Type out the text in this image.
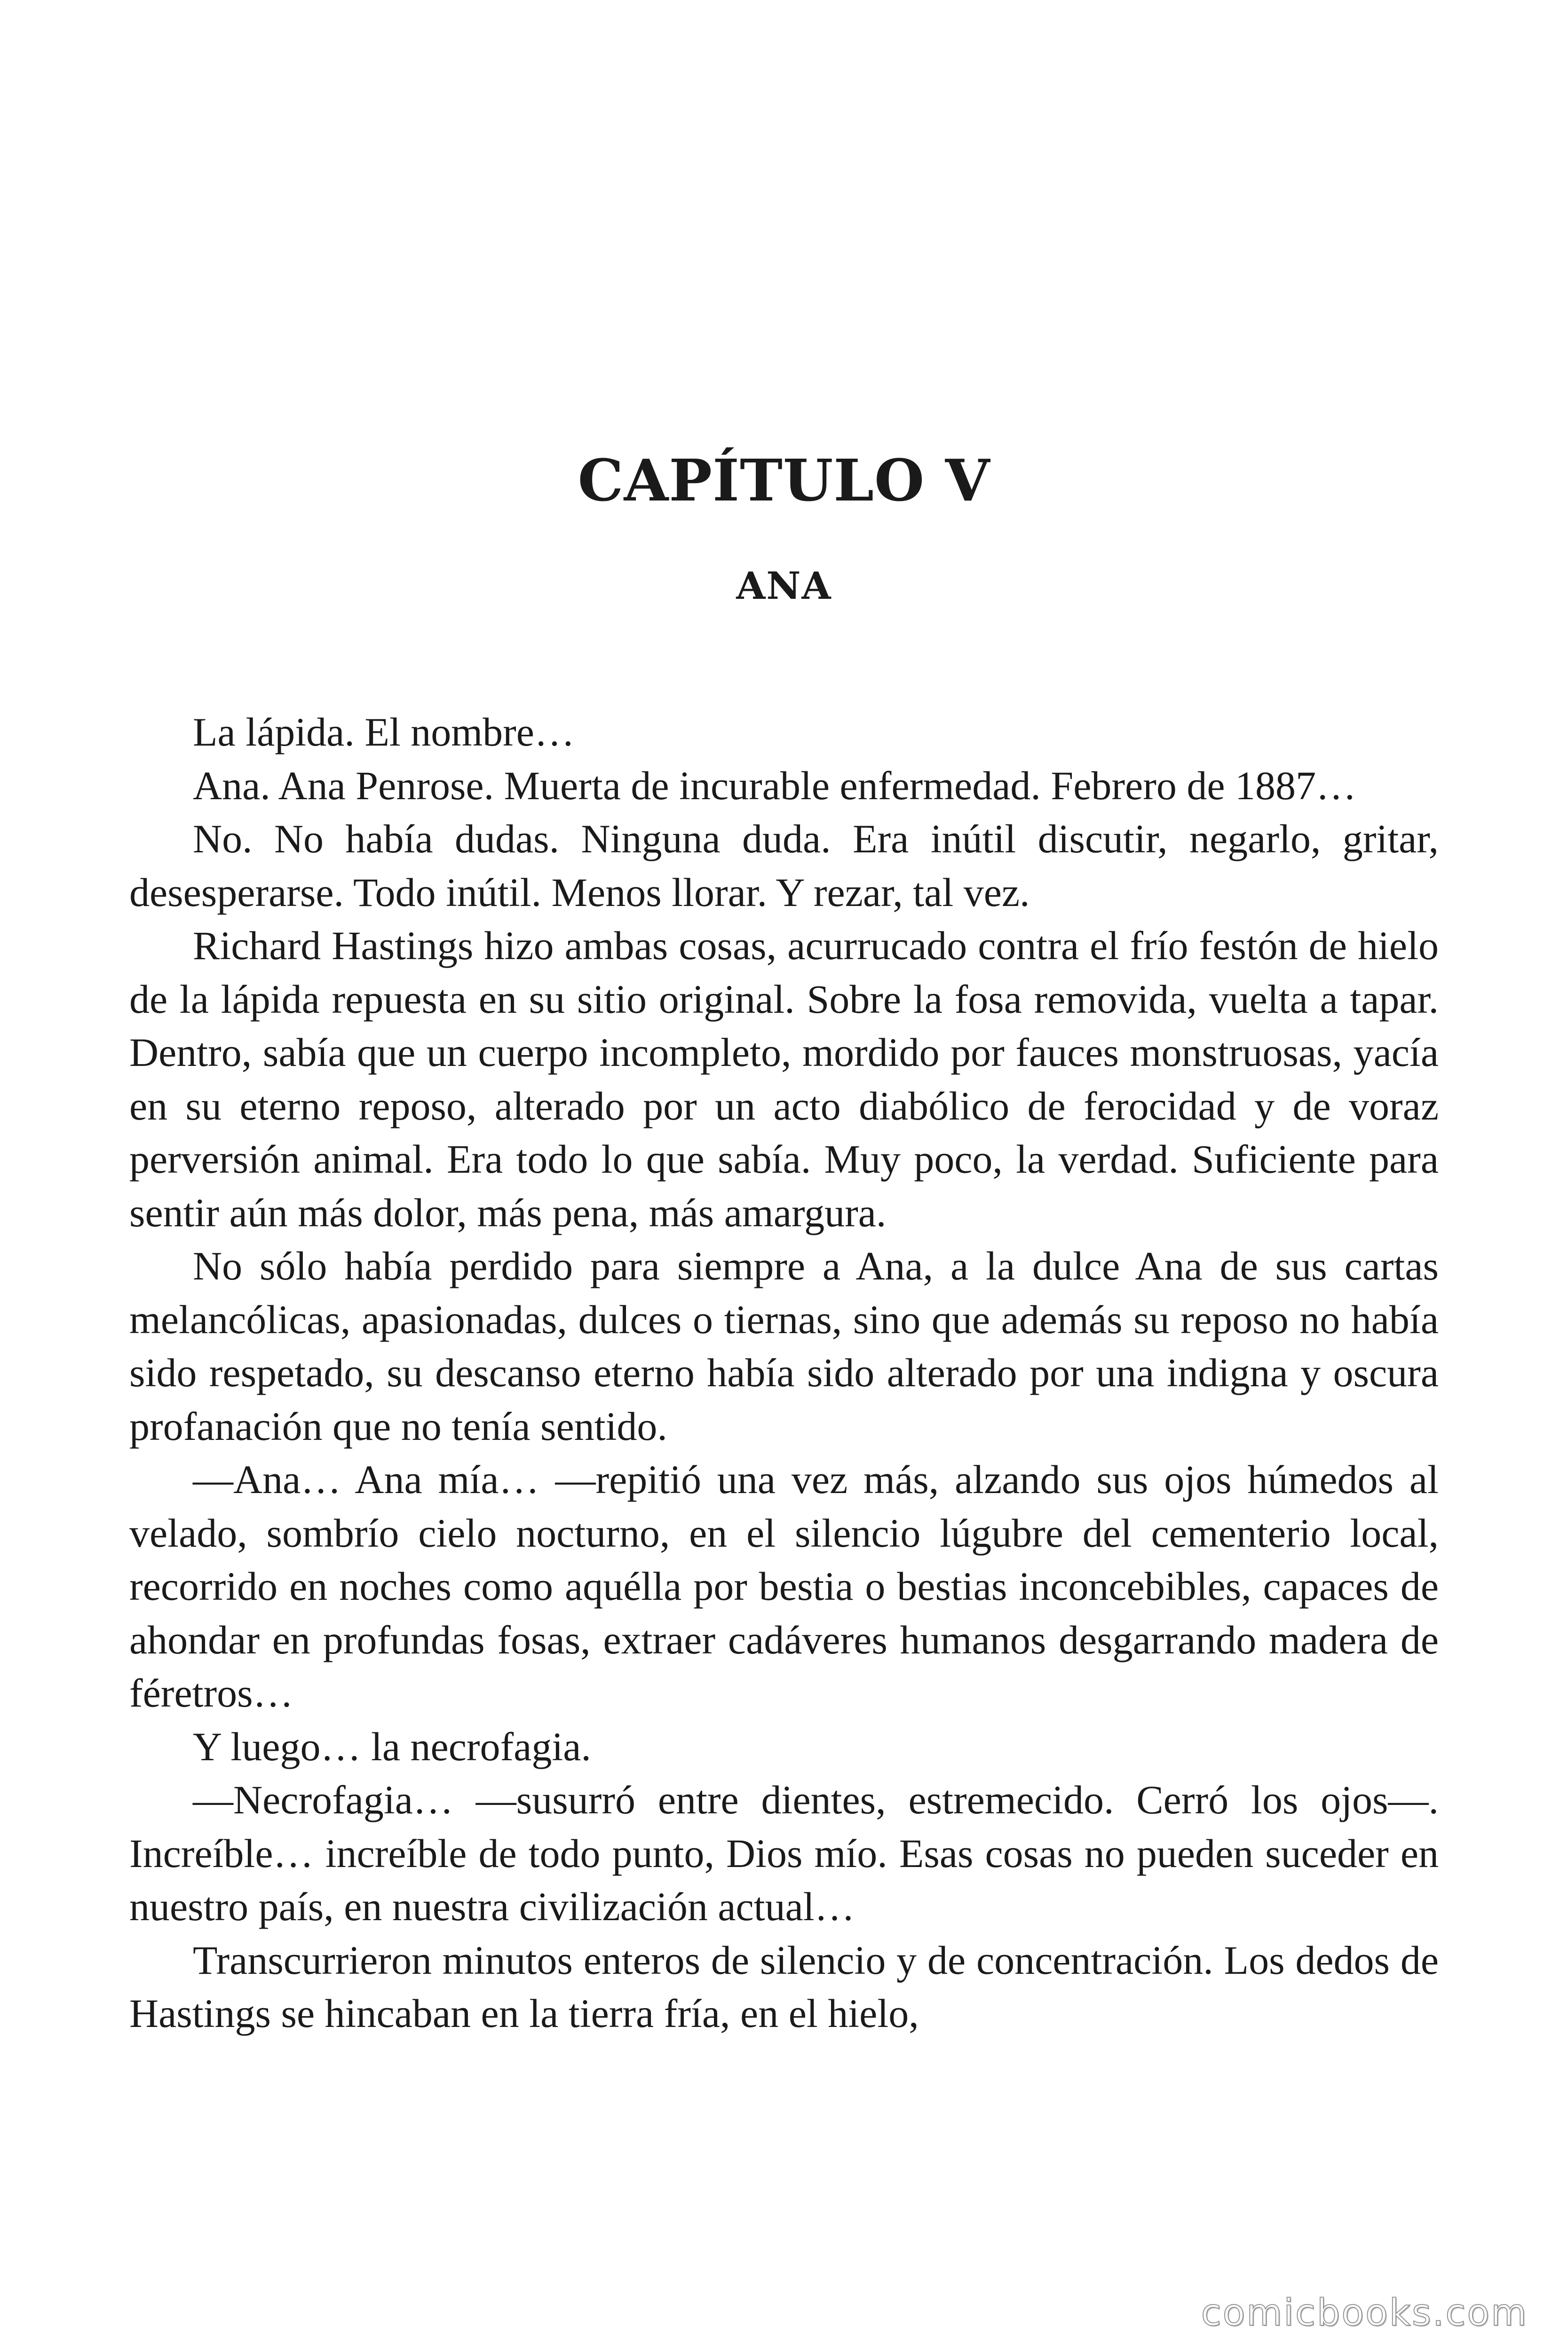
CAPÍTULO V
ANA

La lápida. El nombre…

Ana. Ana Penrose. Muerta de incurable enfermedad. Febrero de 1887…

No. No había dudas. Ninguna duda. Era inútil discutir, negarlo, gritar, desesperarse. Todo inútil. Menos llorar. Y rezar, tal vez.

Richard Hastings hizo ambas cosas, acurrucado contra el frío festón de hielo de la lápida repuesta en su sitio original. Sobre la fosa removida, vuelta a tapar. Dentro, sabía que un cuerpo incompleto, mordido por fauces monstruosas, yacía en su eterno reposo, alterado por un acto diabólico de ferocidad y de voraz perversión animal. Era todo lo que sabía. Muy poco, la verdad. Suficiente para sentir aún más dolor, más pena, más amargura.

No sólo había perdido para siempre a Ana, a la dulce Ana de sus cartas melancólicas, apasionadas, dulces o tiernas, sino que además su reposo no había sido respetado, su descanso eterno había sido alterado por una indigna y oscura profanación que no tenía sentido.

—Ana… Ana mía… —repitió una vez más, alzando sus ojos húmedos al velado, sombrío cielo nocturno, en el silencio lúgubre del cementerio local, recorrido en noches como aquélla por bestia o bestias inconcebibles, capaces de ahondar en profundas fosas, extraer cadáveres humanos desgarrando madera de féretros…

Y luego… la necrofagia.

—Necrofagia… —susurró entre dientes, estremecido. Cerró los ojos—. Increíble… increíble de todo punto, Dios mío. Esas cosas no pueden suceder en nuestro país, en nuestra civilización actual…

Transcurrieron minutos enteros de silencio y de concentración. Los dedos de Hastings se hincaban en la tierra fría, en el hielo,

comicbooks.com
